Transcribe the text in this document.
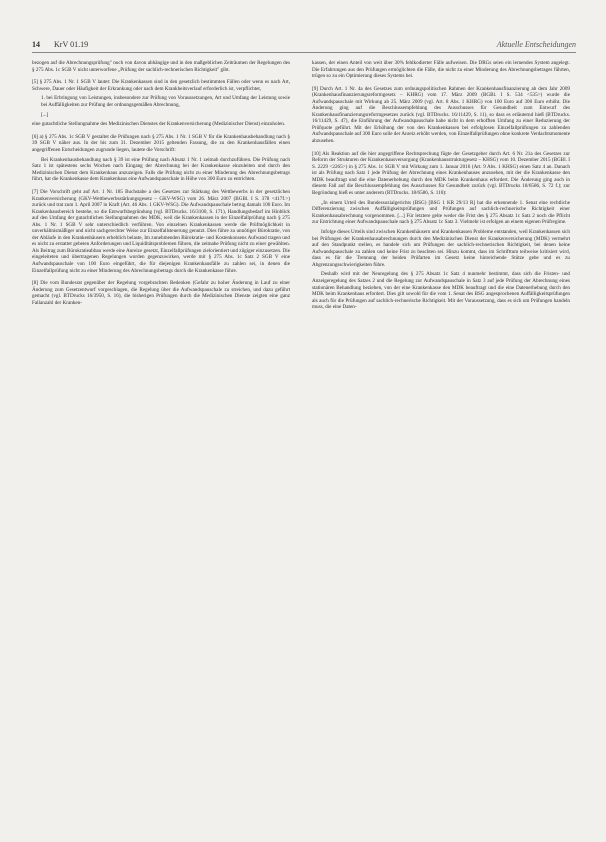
14 KrV 01.19	Aktuelle Entscheidungen

bezogen auf die Abrechnungsprüfung" noch von davon abhängige und in den maßgeblichen Zeiträumen der Regelungen des § 275 Abs. 1c SGB V nicht unterworfene „Prüfung der sachlich-rechnerischen Richtigkeit" gibt.

[5] § 275 Abs. 1 Nr. 1 SGB V lautet: Die Krankenkassen sind in den gesetzlich bestimmten Fällen oder wenn es nach Art, Schwere, Dauer oder Häufigkeit der Erkrankung oder nach dem Krankheitsverlauf erforderlich ist, verpflichtet,

1. bei Erbringung von Leistungen, insbesondere zur Prüfung von Voraussetzungen, Art und Umfang der Leistung sowie bei Auffälligkeiten zur Prüfung der ordnungsgemäßen Abrechnung,

[...]

eine gutachtliche Stellungnahme des Medizinischen Dienstes der Krankenversicherung (Medizinischer Dienst) einzuholen.

[6] a) § 275 Abs. 1c SGB V gestaltet die Prüfungen nach § 275 Abs. 1 Nr. 1 SGB V für die Krankenhausbehandlung nach § 39 SGB V näher aus. In der bis zum 31. Dezember 2015 geltenden Fassung, die zu den Krankenhausfällen einen angegriffenen Entscheidungen zugrunde liegen, lautete die Vorschrift:

Bei Krankenhausbehandlung nach § 39 ist eine Prüfung nach Absatz 1 Nr. 1 zeitnah durchzuführen. Die Prüfung nach Satz 1 ist spätestens sechs Wochen nach Eingang der Abrechnung bei der Krankenkasse einzuleiten und durch den Medizinischen Dienst dem Krankenhaus anzuzeigen. Falls die Prüfung nicht zu einer Minderung des Abrechnungsbetrags führt, hat die Krankenkasse dem Krankenhaus eine Aufwandspauschale in Höhe von 300 Euro zu entrichten.

[7] Die Vorschrift geht auf Art. 1 Nr. 185 Buchstabe a des Gesetzes zur Stärkung des Wettbewerbs in der gesetzlichen Krankenversicherung (GKV-Wettbewerbsstärkungsgesetz – GKV-WSG) vom 26. März 2007 (BGBl. I S. 378 <417f.>) zurück und trat zum 1. April 2007 in Kraft (Art. 46 Abs. 1 GKV-WSG). Die Aufwandspauschale betrug damals 100 Euro. Im Krankenhausbereich bestehe, so die Entwurfsbegründung (vgl. BTDrucks. 16/3100, S. 171), Handlungsbedarf im Hinblick auf den Umfang der gutachtlichen Stellungnahmen des MDK, weil die Krankenkassen in der Einzelfallprüfung nach § 275 Abs. 1 Nr. 1 SGB V sehr unterschiedlich verführen. Von einzelnen Krankenkassen werde die Prüfmöglichkeit in unverhältnismäßiger und nicht sachgerechter Weise zur Einzelfallsteuerung genutzt. Dies führe zu unnötiger Bürokratie, von der Abläufe in den Krankenhäusern erheblich belaste, Im zunehmenden Bürokratie- und Kostenkonsens Aufwand tragen und es nicht zu erstattet gebeten Anforderungen und Liquiditätsproblemen führen, die zeitnahe Prüfung nicht zu einer gewählten. Als Beitrag zum Bürokratieabbau werde eine Anreize gesetzt, Einzelfallprüfungen zielorientiert und zügiger einzusetzen. Die eingeleiteten und übertragenen Regelungen wurden gegenzuwirken, werde mit § 275 Abs. 1c Satz 2 SGB V eine Aufwandspauschale von 100 Euro eingeführt, die für diejenigen Krankenhausfälle zu zahlen sei, in denen die Einzelfallprüfung nicht zu einer Minderung des Abrechnungsbetrags durch die Krankenkasse führe.

[8] Die vom Bundesrat gegenüber der Regelung vorgebrachten Bedenken (Gefahr zu hoher Änderung in Lauf zu einer Änderung zum Gesetzentwurf vorgeschlagen, die Regelung über die Aufwandspauschale zu streichen, und dazu geführt gemacht (vgl. BTDrucks 16/3950, S. 16), die bisherigen Prüfungen durch die Medizinischen Dienste zeigten eine ganz Fallanzahl der Kranken-

kassen, der einen Anteil von weit über 30% fehlkodierter Fälle aufweisen. Die DRGs seien ein lernendes System angelegt. Die Erfahrungen aus den Prüfungen ermöglichten die Fälle, die nicht zu einer Minderung des Abrechnungsbetrages führten, trügen so zu ein Optimierung dieses Systems bei.

[9] Durch Art. 1 Nr. 4a des Gesetzes zum ordnungspolitischen Rahmen der Krankenhausfinanzierung ab dem Jahr 2009 (Krankenhausfinanzierungsreformgesetz – KHRG) vom 17. März 2009 (BGBl. I S. 534 <535>) wurde die Aufwandspauschale mit Wirkung ab 25. März 2009 (vgl. Art. 8 Abs. 1 KHRG) von 100 Euro auf 300 Euro erhöht. Die Änderung ging auf die Beschlussempfehlung des Ausschusses für Gesundheit zum Entwurf des Krankenhausfinanzierungsreformgesetzes zurück (vgl. BTDrucks. 16/11429, S. 11), so dass es erläuternd hieß (BTDrucks. 16/11429, S. 47), die Einführung der Aufwandspauschale habe nicht in dem erhofften Umfang zu einer Reduzierung der Prüfquote geführt. Mit der Erhöhung der von den Krankenkassen bei erfolglosen Einzelfallprüfungen zu zahlenden Aufwandspauschale auf 300 Euro solle der Anreiz erhöht werden, von Einzelfallprüfungen ohne konkrete Verdachtsmomente abzusehen.

[10] Als Reaktion auf die hier angegriffene Rechtsprechung fügte der Gesetzgeber durch Art. 6 Nr. 21a des Gesetzes zur Reform der Strukturen der Krankenhausversorgung (Krankenhausstrukturgesetz – KHSG) vom 10. Dezember 2015 (BGBl. I S. 2229 <2265>) in § 275 Abs. 1c SGB V mit Wirkung zum 1. Januar 2016 (Art. 9 Abs. 1 KHSG) einen Satz 4 an. Danach ist als Prüfung nach Satz 1 jede Prüfung der Abrechnung eines Krankenhauses anzusehen, mit der die Krankenkasse den MDK beauftragt und die eine Datenerhebung durch den MDK beim Krankenhaus erfordert. Die Änderung ging auch in diesem Fall auf die Beschlussempfehlung des Ausschusses für Gesundheit zurück (vgl. BTDrucks 18/6586, S. 72 f.); zur Begründung hieß es unter anderem (BTDrucks. 18/6586, S. 110):

„In einem Urteil des Bundessozialgerichts (BSG) [BSG 1 KR 29/13 R] hat die erkennende 1. Senat eine rechtliche Differenzierung zwischen Auffälligkeitsprüfungen und Prüfungen auf sachlich-rechnerische Richtigkeit einer Krankenhausabrechnung vorgenommen. [...] Für letztere gelte weder die Frist des § 275 Absatz 1c Satz 2 noch die Pflicht zur Entrichtung einer Aufwandspauschale nach § 275 Absatz 1c Satz 3. Vielmehr ist erfolgen an einem eigenen Prüfregime.

Infolge dieses Urteils sind zwischen Krankenhäusern und Krankenkassen Probleme entstanden, weil Krankenkassen sich bei Prüfungen der Krankenhausabrechnungen durch den Medizinischen Dienst der Krankenversicherung (MDK) vermehrt auf den Standpunkt stellen, es handele sich um Prüfungen der sachlich-rechnerischen Richtigkeit, bei denen keine Aufwandspauschale zu zahlen und keine Frist zu beachten sei. Hinzu kommt, dass im Schrifttum teilweise kritisiert wird, dass es für die Trennung der beiden Prüfarten im Gesetz keine hinreichende Stütze gebe und es zu Abgrenzungsschwierigkeiten führe.

Deshalb wird mit der Neuregelung des § 275 Absatz 1c Satz 4 nunmehr bestimmt, dass sich die Fristen- und Anzeigeregelung des Satzes 2 und die Regelung zur Aufwandspauschale in Satz 3 auf jede Prüfung der Abrechnung eines stationären Behandlung beziehen, von der eine Krankenkasse den MDK beauftragt und die eine Datenerhebung durch den MDK beim Krankenhaus erfordert. Dies gilt sowohl für die vom 1. Senat des BSG angesprochenen Auffälligkeitsprüfungen als auch für die Prüfungen auf sachlich-rechnerische Richtigkeit. Mit der Voraussetzung, dass es sich um Prüfungen handeln muss, die eine Daten-
